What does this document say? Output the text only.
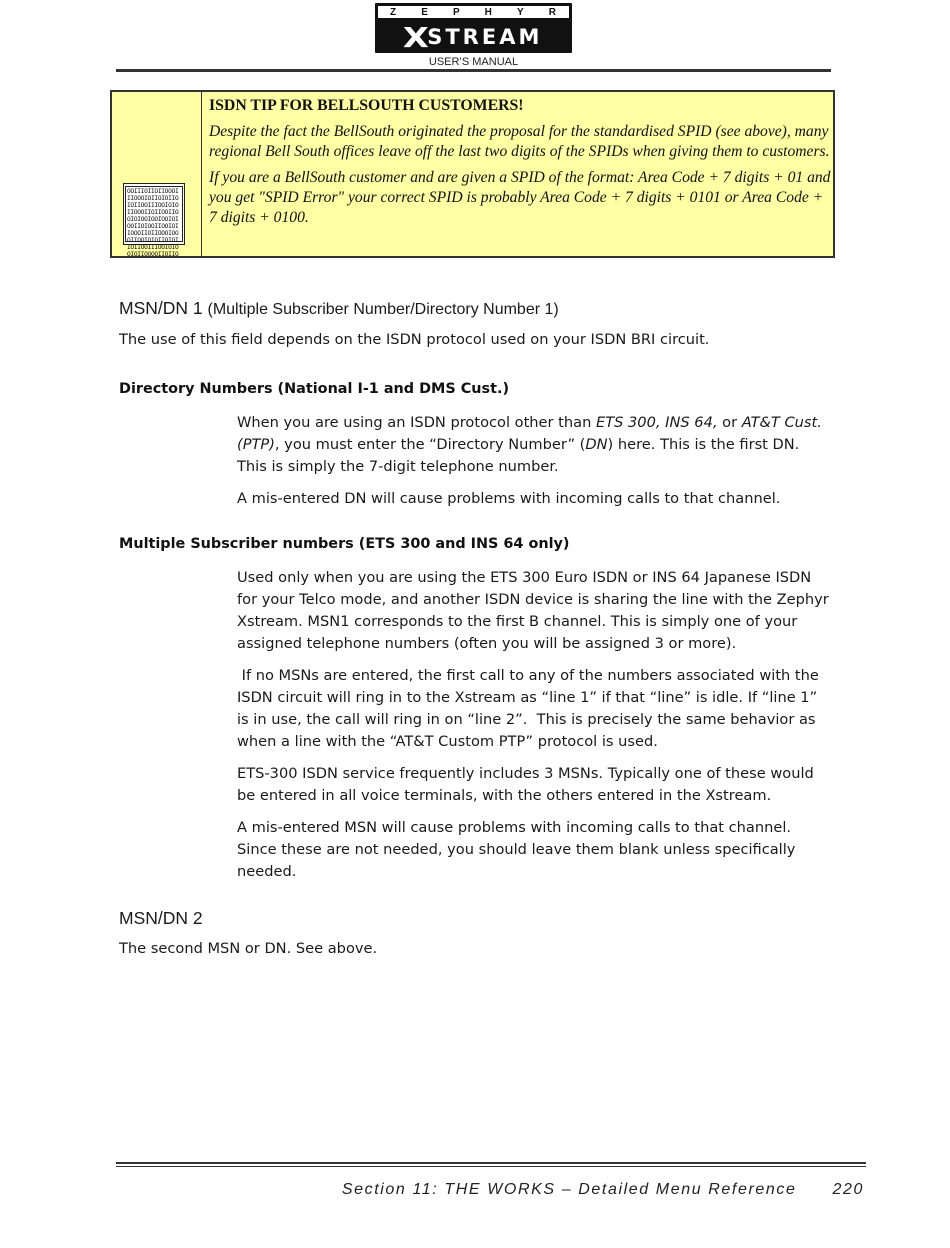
Z E P H Y R
X
STREAM
USER’S MANUAL
OOIIIOIIOIIOOOI
IIOOOIOIIOIOIIO
IOIIOOIIIOOIOIO
IIOOOIIOIIOOIIO
OIOIOOIOOIOOIOI
OOIIOIOOIIOOIOI
IOOOIIOIIOOOIOO
OIIOOIOIOIIOIOI
IOIIOOIIIOOIOIO
OIOIIOOOOIIOIIO

ISDN TIP FOR BELLSOUTH CUSTOMERS!

Despite the fact the BellSouth originated the proposal for the standardised SPID (see above), many regional Bell South offices leave off the last two digits of the SPIDs when giving them to customers.

If you are a BellSouth customer and are given a SPID of the format: Area Code + 7 digits + 01 and you get "SPID Error" your correct SPID is probably Area Code + 7 digits + 0101 or Area Code + 7 digits + 0100.

MSN/DN 1 (Multiple Subscriber Number/Directory Number 1)

The use of this field depends on the ISDN protocol used on your ISDN BRI circuit.

Directory Numbers (National I-1 and DMS Cust.)

When you are using an ISDN protocol other than ETS 300, INS 64, or AT&T Cust. (PTP), you must enter the “Directory Number” (DN) here. This is the first DN. This is simply the 7-digit telephone number.

A mis-entered DN will cause problems with incoming calls to that channel.

Multiple Subscriber numbers (ETS 300 and INS 64 only)

Used only when you are using the ETS 300 Euro ISDN or INS 64 Japanese ISDN for your Telco mode, and another ISDN device is sharing the line with the Zephyr Xstream. MSN1 corresponds to the first B channel. This is simply one of your assigned telephone numbers (often you will be assigned 3 or more).

If no MSNs are entered, the first call to any of the numbers associated with the ISDN circuit will ring in to the Xstream as “line 1” if that “line” is idle. If “line 1” is in use, the call will ring in on “line 2”.  This is precisely the same behavior as when a line with the “AT&T Custom PTP” protocol is used.

ETS-300 ISDN service frequently includes 3 MSNs. Typically one of these would be entered in all voice terminals, with the others entered in the Xstream.

A mis-entered MSN will cause problems with incoming calls to that channel. Since these are not needed, you should leave them blank unless specifically needed.

MSN/DN 2

The second MSN or DN. See above.

Section 11: THE WORKS – Detailed Menu Reference 220
